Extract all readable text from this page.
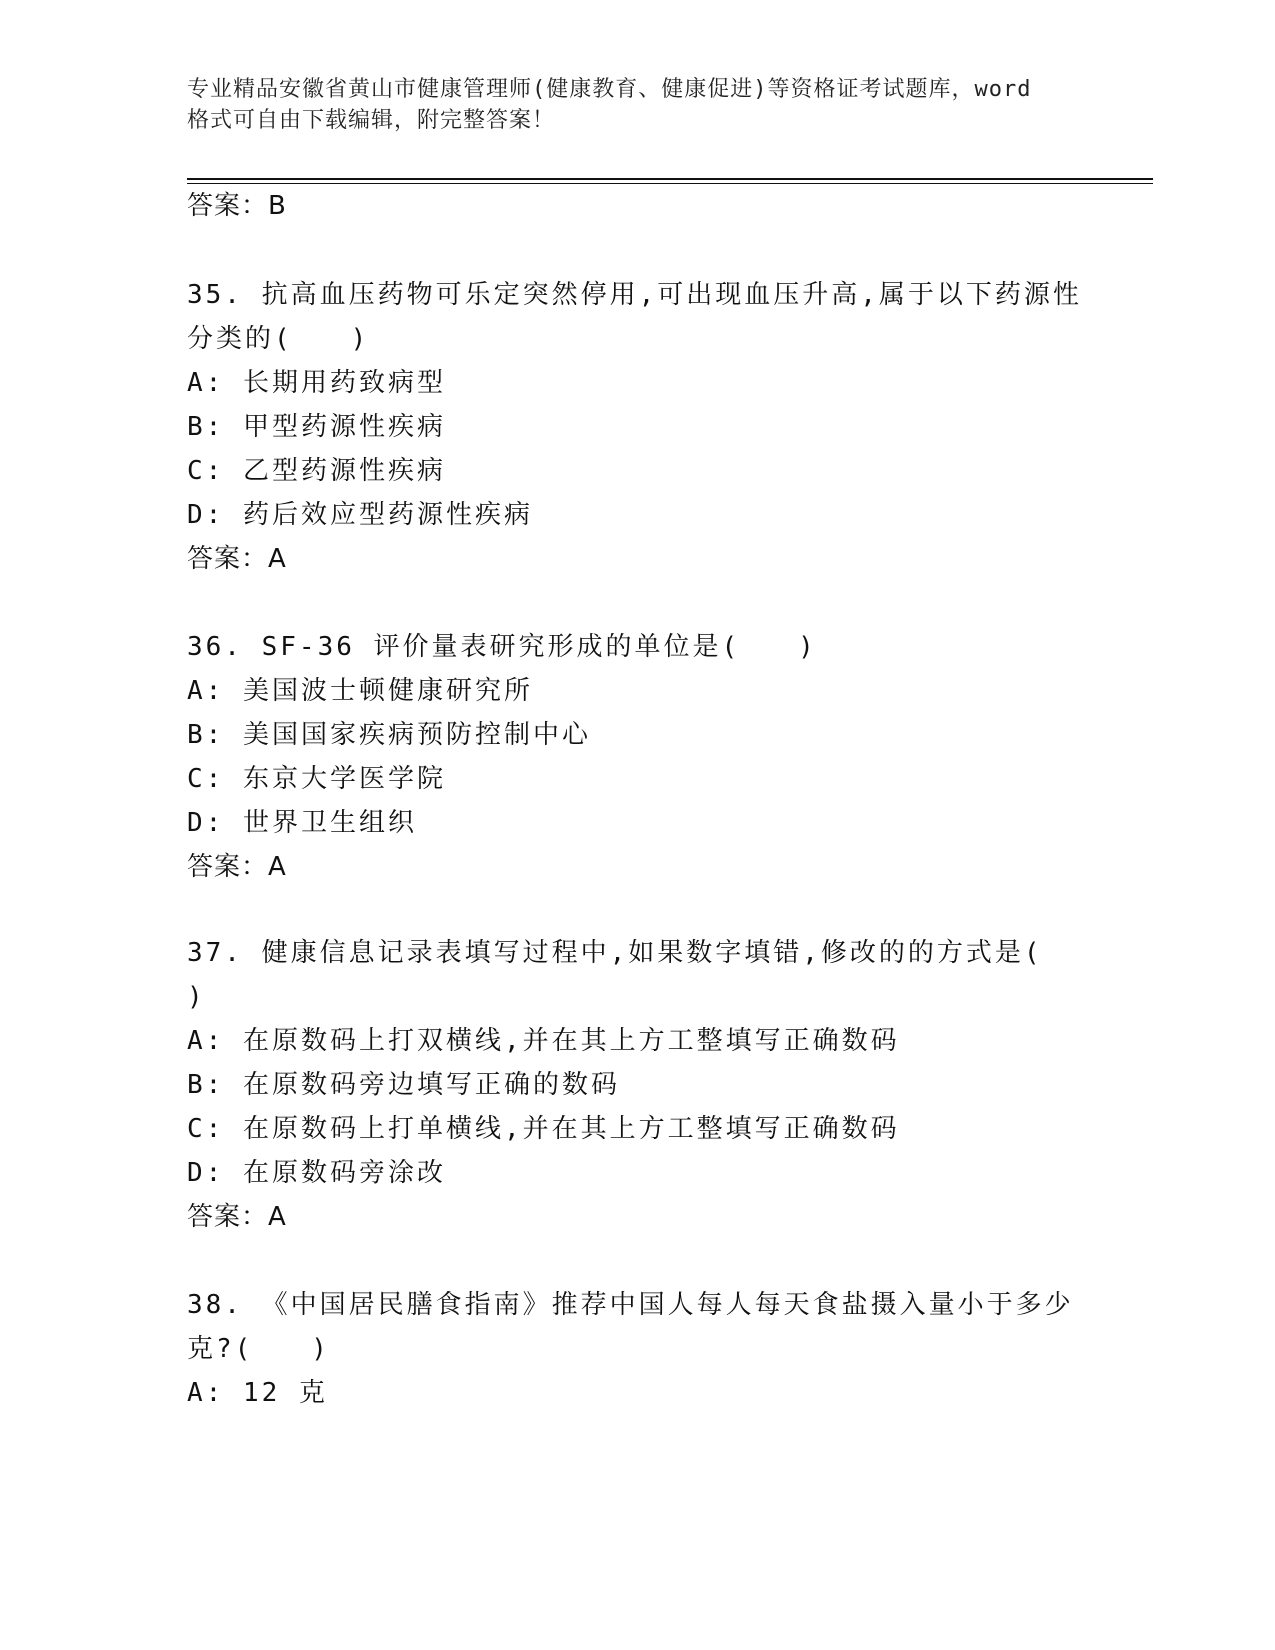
专业精品安徽省黄山市健康管理师(健康教育、健康促进)等资格证考试题库，word
格式可自由下载编辑，附完整答案！
答案：B
35. 抗高血压药物可乐定突然停用,可出现血压升高,属于以下药源性
分类的(　　)
A: 长期用药致病型
B: 甲型药源性疾病
C: 乙型药源性疾病
D: 药后效应型药源性疾病
答案：A
36. SF-36 评价量表研究形成的单位是(　　)
A: 美国波士顿健康研究所
B: 美国国家疾病预防控制中心
C: 东京大学医学院
D: 世界卫生组织
答案：A
37. 健康信息记录表填写过程中,如果数字填错,修改的的方式是(
)
A: 在原数码上打双横线,并在其上方工整填写正确数码
B: 在原数码旁边填写正确的数码
C: 在原数码上打单横线,并在其上方工整填写正确数码
D: 在原数码旁涂改
答案：A
38. 《中国居民膳食指南》推荐中国人每人每天食盐摄入量小于多少
克?(　　)
A: 12 克
